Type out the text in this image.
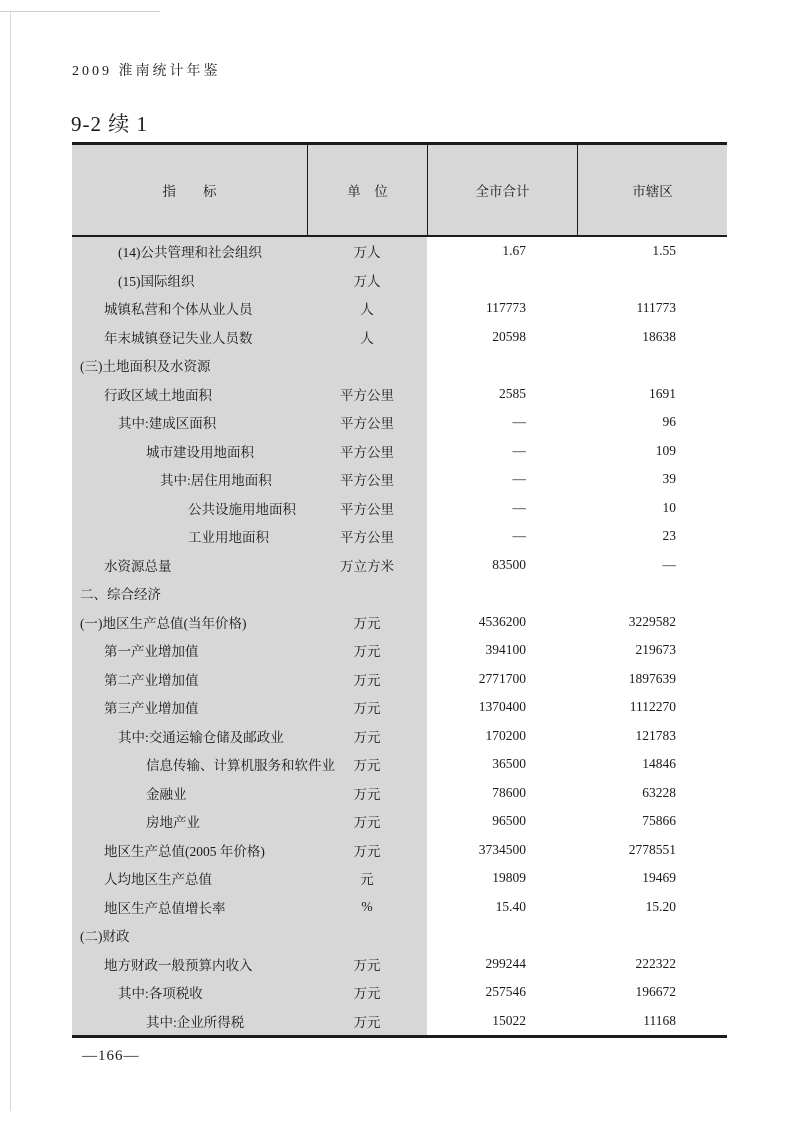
2009 淮南统计年鉴
9-2 续 1
指　　标	单　位	全市合计	市辖区
(14)公共管理和社会组织	万人	1.67	1.55
(15)国际组织	万人
城镇私营和个体从业人员	人	117773	111773
年末城镇登记失业人员数	人	20598	18638
(三)土地面积及水资源
行政区域土地面积	平方公里	2585	1691
其中:建成区面积	平方公里	—	96
城市建设用地面积	平方公里	—	109
其中:居住用地面积	平方公里	—	39
公共设施用地面积	平方公里	—	10
工业用地面积	平方公里	—	23
水资源总量	万立方米	83500	—
二、综合经济
(一)地区生产总值(当年价格)	万元	4536200	3229582
第一产业增加值	万元	394100	219673
第二产业增加值	万元	2771700	1897639
第三产业增加值	万元	1370400	1112270
其中:交通运输仓储及邮政业	万元	170200	121783
信息传输、计算机服务和软件业	万元	36500	14846
金融业	万元	78600	63228
房地产业	万元	96500	75866
地区生产总值(2005 年价格)	万元	3734500	2778551
人均地区生产总值	元	19809	19469
地区生产总值增长率	%	15.40	15.20
(二)财政
地方财政一般预算内收入	万元	299244	222322
其中:各项税收	万元	257546	196672
其中:企业所得税	万元	15022	11168
—166—
